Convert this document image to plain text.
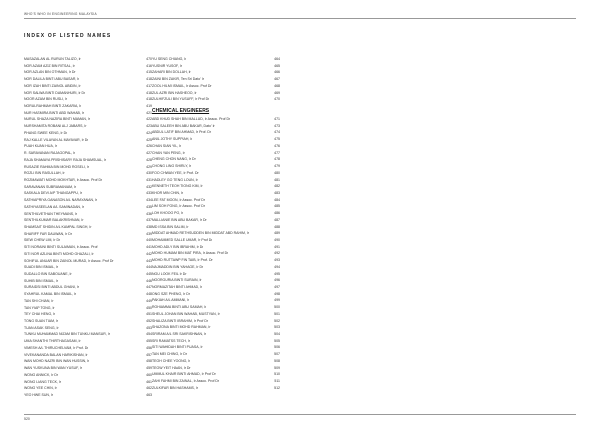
WHO'S WHO IN ENGINEERING MALAYSIA
INDEX OF LISTED NAMES
MASAZALAN AL RURUN TALIZO, Ir	470
NOR AZAM AZIZ BIN RITSAL, Ir	416
NOR AZLAN BIN OTHMAN, Ir Dr	415
NOR DALILA BINTI ABU BASAR, Ir	418
NOR IZAH BINTI ZAINOL ABIDIN, Ir	417
NOR SALWA BINTI DAMANHURI, Ir Dr	418
NOOR AZAM BIN RUSLI, Ir	418
NORULRAHMAH BINTI ZAKARIA, Ir	419
NUR HASMIRA BINTI ABD WAHAB, Ir	421
NURUL SHAZA NAZIRA BINTI MAMAN, Ir	422
NURSHAMITA ROBANI ALJ JABARS, Ir	423
PHANG SWEE KENG, Ir Dr	424
RAJ KALLE VILAYAN AL MAYAVAR, Ir Dr	425
PUAH KUAN HUA, Ir	426
R. SARAVANAN RAJAGOPAL, Ir	427
RAJA SHAMAYA PRISHISARY RAJA SHAMSUAL, Ir	428
RUSAZIE RAHMA BIN MOHD ROSELI, Ir	429
ROZLI BIN RASULLAH, Ir	430
ROZMAWATI MOHD MOKHTAR, Ir Assoc. Prof Dr	431
SARAVANAN SUBRAMANIAM, Ir	432
SASKALA DEVI A/P THANGAPPU, Ir	433
SATHIAPRIYA GANASON A/L NARAYANAN, Ir	434
SATHIYASEELAN A/L SAMINADAN, Ir	435
SENTHILVETHAN THEYMANS, Ir	436
SENTHILKUMAR BALAKRISHNAN, Ir	437
SHAMSAIT SHIDIN A/L KAMPAL SINGH, Ir	438
SHARIFF FAR DAUWAN, Ir Dr	439
SIEW CHEW LIM, Ir Dr	440
SITI NORAINI BINTI SULAIMAN, Ir Assoc. Prof	441
SITI NOR AZLINA BINTI MOHD GHAZALI, Ir	442
SOHIFUL ANUAR BIN ZAINOL MURAD, Ir Assoc. Prof Dr	443
SUADI BIN ISMAIL, Ir	444
SUDALLO BIN SABOUANE, Ir	445
SUHIB BIN ISMAIL, Ir	446
SURAIDSI BINTI ABDUL GHANI, Ir	447
SYAHRUL KAMAL BIN ISMAIL, Ir	448
TAN SHI CHIAN, Ir	449
TAN YIAP TONG, Ir	450
TEY CHAI HENG, Ir	451
TONG SUAN TIAM, Ir	452
TUAN ASAK SENG, Ir	453
TUNKU MUHAMMAD NIZAM BIN TUNKU MANSUR, Ir	454
UMA SHANTHI THIRTHAGASAM, Ir	455
VIMESH A/L THIRUCHELVAM, Ir Prof. Dr	456
VIVEKANANDA BALAN HARIKISHAN, Ir	457
WAN MOHD NAZRI BIN WAN HUSSIN, Ir	458
WAN YUSKUNA BIN WAN YUSUF, Ir	459
WONG ANNICK, Ir Dr	460
WONG LIANG TECK, Ir	461
WONG YEE CHIN, Ir	462
YEO HWE SUN, Ir	463
YU SENG CHIANG, Ir	464
YUSNIR YUSOF, Ir	465
ZAHARI BIN DOLLAH, Ir	466
ZAINI BIN ZAKIR, Ten Sri Dato' Ir	467
ZOOL HILMI ISMAIL, Ir Assoc. Prof Dr	468
ZUL AZRI BIN HASHEOO, Ir	469
ZULHIFZULI BIN YUSUFF, Ir Prof Dr	470
CHEMICAL ENGINEERS
ABD KHUD SHAH BIN MALLUD, Ir Assoc. Prof Dr	471
ABU SALEEH BIN ABU BAKAR, Dato' Ir	473
ABDUL LATIF BIN AHMAD, Ir Prof. Dr	474
ANIL JOTHY SUPPIAH, Ir	475
CHAN SIAN YIL, Ir	476
CHAN YAN PENG, Ir	477
CHENG CHON NANG, Ir Dr	478
CHONG LING SHIRLY, Ir	479
FOO CHWAN YEE, Ir Prof. Dr	480
HADLEY GO TENG LOUN, Ir	481
KENNETH TEOH TIONG KIM, Ir	482
KHOR MIN CHIN, Ir	483
LEE FAT MOON, Ir Assoc. Prof Dr	484
LIM SOH FONG, Ir Assoc. Prof Dr	485
LOH KHOOO PO, Ir	486
MALLIANIE BIN ABU BAKAR, Ir Dr	487
MD ISSA BIN SALIM, Ir	488
MIDDAT AHMAD RETHSUDDEN BIN MIDDAT ABD RAHIM, Ir	489
MOHAMMED SALLE UMAR, Ir Prof Dr	490
MOHD ADLY BIN IBRAHIM, Ir Dr	491
MOHD HUMAM BIN MAT PIRA, Ir Assoc. Prof Dr	492
MOHD RUTTAWP FIN TAIB, Ir Prof. Dr	493
NAJMADDIN BIN YAHAGE, Ir Dr	494
NGU LOOK FEIL Ir Dr	495
NOORGURIA BINTI SURAIN, Ir	496
NORMAZITAH BINTI AHMAD, Ir	497
ONG SZE PHENG, Ir Dr	498
PAKIAH A/L AMMANI, Ir	499
ROHIAMMA BINTI ABU SAMAH, Ir	500
SHEUL JOHAN BIN WAHAB, MUSTYAN, Ir	501
SHALIZA BINTI IBRAHIM, Ir Prof Dr	502
SHAZONA BINTI MOHD RAHMAN, Ir	503
SRIRAM A/L SRI SAKRISHNAN, Ir	504
SRI RAMATSS TECH, Ir	505
SITI WAHIDAH BINTI PUASA, Ir	506
TAN MEI CHING, Ir Dr	507
TEOH CHEE YOONG, Ir	508
TEOW YEIT HAAN, Ir Dr	509
UMMUL KHAIR BINTI AHMAD, Ir Prof Dr	510
ZAHI FAHMI BIN ZAINAL, Ir Assoc. Prof Dr	511
ZULKIFAR BIN HASHAMS, Ir	512
520
